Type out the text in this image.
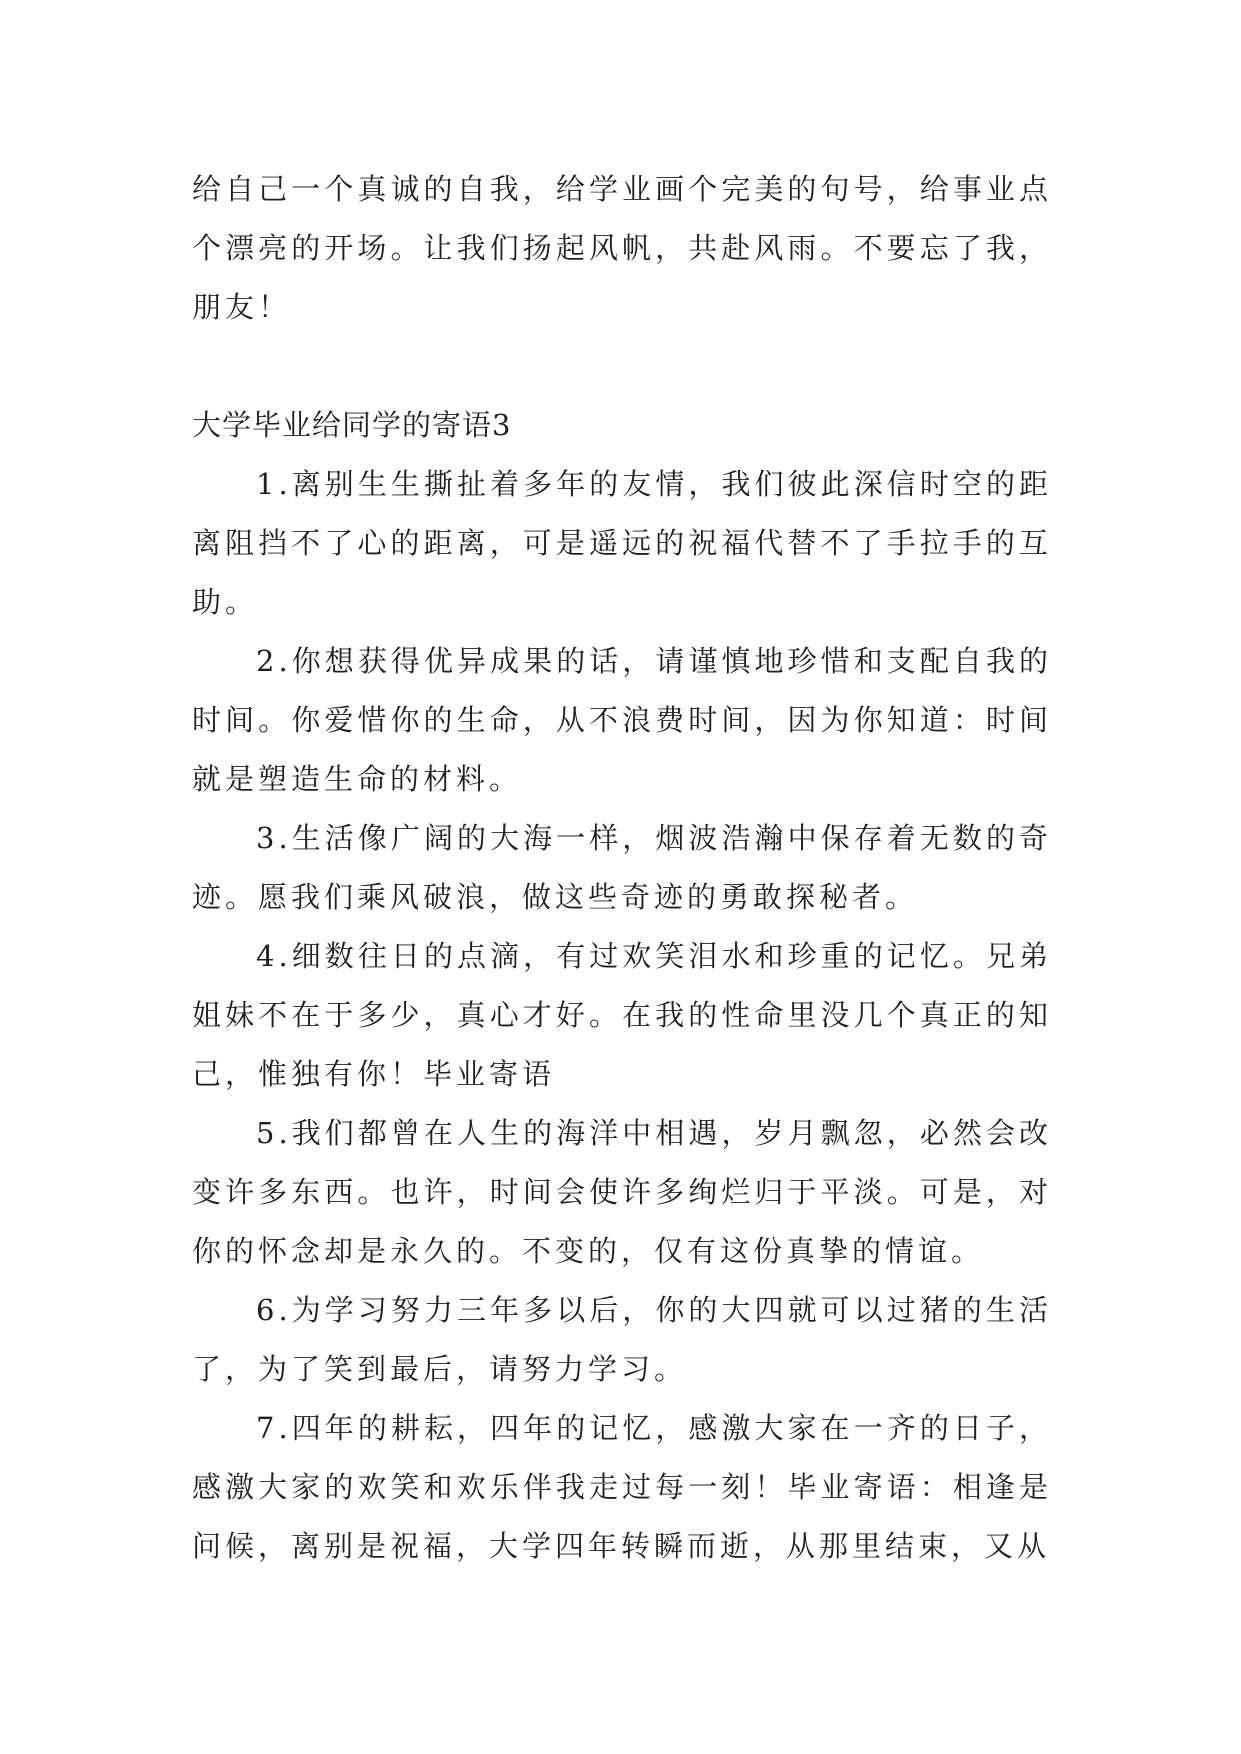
给自己一个真诚的自我，给学业画个完美的句号，给事业点个漂亮的开场。让我们扬起风帆，共赴风雨。不要忘了我，朋友！

大学毕业给同学的寄语3

1.离别生生撕扯着多年的友情，我们彼此深信时空的距离阻挡不了心的距离，可是遥远的祝福代替不了手拉手的互助。

2.你想获得优异成果的话，请谨慎地珍惜和支配自我的时间。你爱惜你的生命，从不浪费时间，因为你知道：时间就是塑造生命的材料。

3.生活像广阔的大海一样，烟波浩瀚中保存着无数的奇迹。愿我们乘风破浪，做这些奇迹的勇敢探秘者。

4.细数往日的点滴，有过欢笑泪水和珍重的记忆。兄弟姐妹不在于多少，真心才好。在我的性命里没几个真正的知己，惟独有你！毕业寄语

5.我们都曾在人生的海洋中相遇，岁月飘忽，必然会改变许多东西。也许，时间会使许多绚烂归于平淡。可是，对你的怀念却是永久的。不变的，仅有这份真挚的情谊。

6.为学习努力三年多以后，你的大四就可以过猪的生活了，为了笑到最后，请努力学习。

7.四年的耕耘，四年的记忆，感激大家在一齐的日子，感激大家的欢笑和欢乐伴我走过每一刻！毕业寄语：相逢是问候，离别是祝福，大学四年转瞬而逝，从那里结束，又从
